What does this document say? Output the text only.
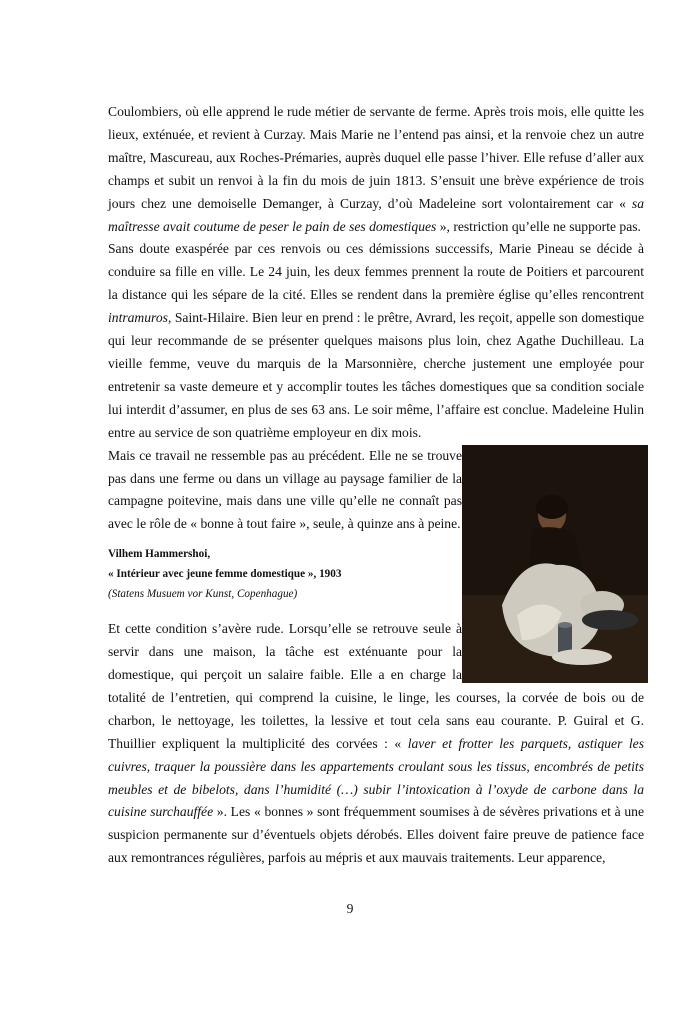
Coulombiers, où elle apprend le rude métier de servante de ferme. Après trois mois, elle quitte les lieux, exténuée, et revient à Curzay. Mais Marie ne l’entend pas ainsi, et la renvoie chez un autre maître, Mascureau, aux Roches-Prémaries, auprès duquel elle passe l’hiver. Elle refuse d’aller aux champs et subit un renvoi à la fin du mois de juin 1813. S’ensuit une brève expérience de trois jours chez une demoiselle Demanger, à Curzay, d’où Madeleine sort volontairement car « sa maîtresse avait coutume de peser le pain de ses domestiques », restriction qu’elle ne supporte pas.

Sans doute exaspérée par ces renvois ou ces démissions successifs, Marie Pineau se décide à conduire sa fille en ville. Le 24 juin, les deux femmes prennent la route de Poitiers et parcourent la distance qui les sépare de la cité. Elles se rendent dans la première église qu’elles rencontrent intramuros, Saint-Hilaire. Bien leur en prend : le prêtre, Avrard, les reçoit, appelle son domestique qui leur recommande de se présenter quelques maisons plus loin, chez Agathe Duchilleau. La vieille femme, veuve du marquis de la Marsonnière, cherche justement une employée pour entretenir sa vaste demeure et y accomplir toutes les tâches domestiques que sa condition sociale lui interdit d’assumer, en plus de ses 63 ans. Le soir même, l’affaire est conclue. Madeleine Hulin entre au service de son quatrième employeur en dix mois.

Mais ce travail ne ressemble pas au précédent. Elle ne se trouve pas dans une ferme ou dans un village au paysage familier de la campagne poitevine, mais dans une ville qu’elle ne connaît pas avec le rôle de « bonne à tout faire », seule, à quinze ans à peine.

Vilhem Hammershoi,
« Intérieur avec jeune femme domestique », 1903
(Statens Musuem vor Kunst, Copenhague)

Et cette condition s’avère rude. Lorsqu’elle se retrouve seule à servir dans une maison, la tâche est exténuante pour la domestique, qui perçoit un salaire faible. Elle a en charge la totalité de l’entretien, qui comprend la cuisine, le linge, les courses, la corvée de bois ou de charbon, le nettoyage, les toilettes, la lessive et tout cela sans eau courante. P. Guiral et G. Thuillier expliquent la multiplicité des corvées : « laver et frotter les parquets, astiquer les cuivres, traquer la poussière dans les appartements croulant sous les tissus, encombrés de petits meubles et de bibelots, dans l’humidité (…) subir l’intoxication à l’oxyde de carbone dans la cuisine surchauffée ». Les « bonnes » sont fréquemment soumises à de sévères privations et à une suspicion permanente sur d’éventuels objets dérobés. Elles doivent faire preuve de patience face aux remontrances régulières, parfois au mépris et aux mauvais traitements. Leur apparence,

9
